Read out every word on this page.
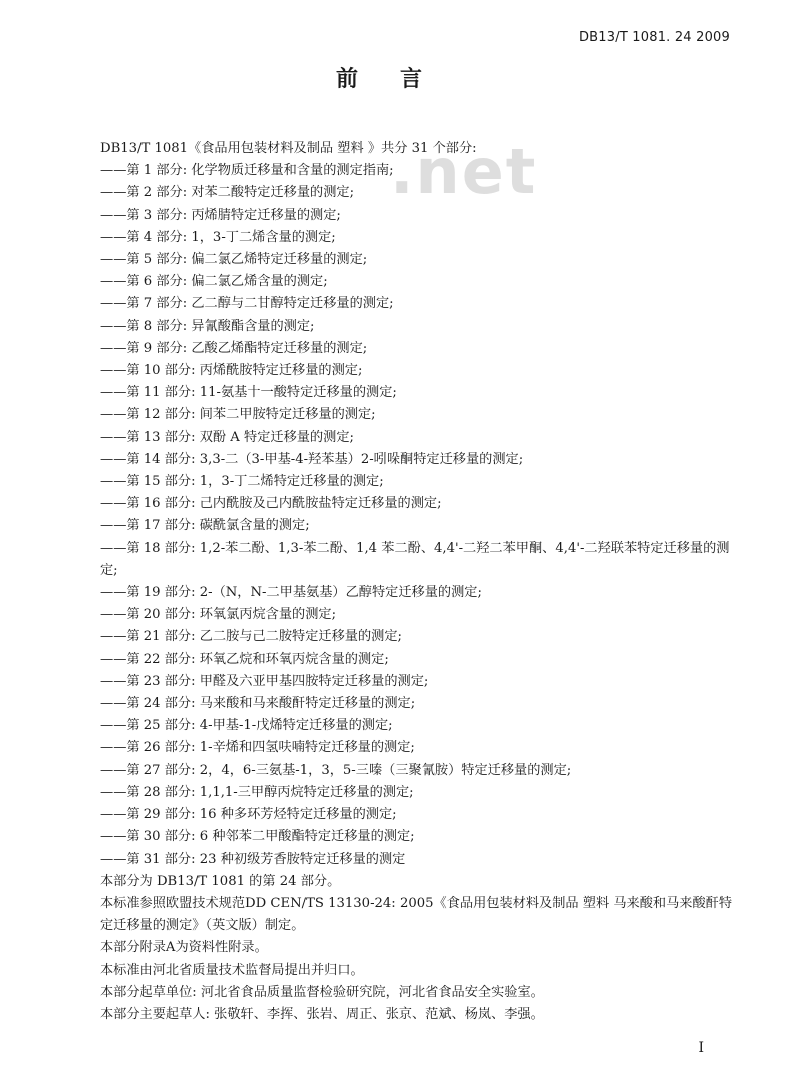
DB13/T 1081. 24 2009
前言
.net
DB13/T 1081《食品用包装材料及制品 塑料 》共分 31 个部分:
——第 1 部分: 化学物质迁移量和含量的测定指南;
——第 2 部分: 对苯二酸特定迁移量的测定;
——第 3 部分: 丙烯腈特定迁移量的测定;
——第 4 部分: 1，3-丁二烯含量的测定;
——第 5 部分: 偏二氯乙烯特定迁移量的测定;
——第 6 部分: 偏二氯乙烯含量的测定;
——第 7 部分: 乙二醇与二甘醇特定迁移量的测定;
——第 8 部分: 异氰酸酯含量的测定;
——第 9 部分: 乙酸乙烯酯特定迁移量的测定;
——第 10 部分: 丙烯酰胺特定迁移量的测定;
——第 11 部分: 11-氨基十一酸特定迁移量的测定;
——第 12 部分: 间苯二甲胺特定迁移量的测定;
——第 13 部分: 双酚 A 特定迁移量的测定;
——第 14 部分: 3,3-二（3-甲基-4-羟苯基）2-吲哚酮特定迁移量的测定;
——第 15 部分: 1，3-丁二烯特定迁移量的测定;
——第 16 部分: 己内酰胺及己内酰胺盐特定迁移量的测定;
——第 17 部分: 碳酰氯含量的测定;
——第 18 部分: 1,2-苯二酚、1,3-苯二酚、1,4 苯二酚、4,4'-二羟二苯甲酮、4,4'-二羟联苯特定迁移量的测定;
——第 19 部分: 2-（N，N-二甲基氨基）乙醇特定迁移量的测定;
——第 20 部分: 环氧氯丙烷含量的测定;
——第 21 部分: 乙二胺与己二胺特定迁移量的测定;
——第 22 部分: 环氧乙烷和环氧丙烷含量的测定;
——第 23 部分: 甲醛及六亚甲基四胺特定迁移量的测定;
——第 24 部分: 马来酸和马来酸酐特定迁移量的测定;
——第 25 部分: 4-甲基-1-戊烯特定迁移量的测定;
——第 26 部分: 1-辛烯和四氢呋喃特定迁移量的测定;
——第 27 部分: 2，4，6-三氨基-1，3，5-三嗪（三聚氰胺）特定迁移量的测定;
——第 28 部分: 1,1,1-三甲醇丙烷特定迁移量的测定;
——第 29 部分: 16 种多环芳烃特定迁移量的测定;
——第 30 部分: 6 种邻苯二甲酸酯特定迁移量的测定;
——第 31 部分: 23 种初级芳香胺特定迁移量的测定
本部分为 DB13/T 1081 的第 24 部分。
本标准参照欧盟技术规范DD CEN/TS 13130-24: 2005《食品用包装材料及制品 塑料 马来酸和马来酸酐特定迁移量的测定》（英文版）制定。
本部分附录A为资料性附录。
本标准由河北省质量技术监督局提出并归口。
本部分起草单位: 河北省食品质量监督检验研究院，河北省食品安全实验室。
本部分主要起草人: 张敬轩、李挥、张岩、周正、张京、范斌、杨岚、李强。
I
